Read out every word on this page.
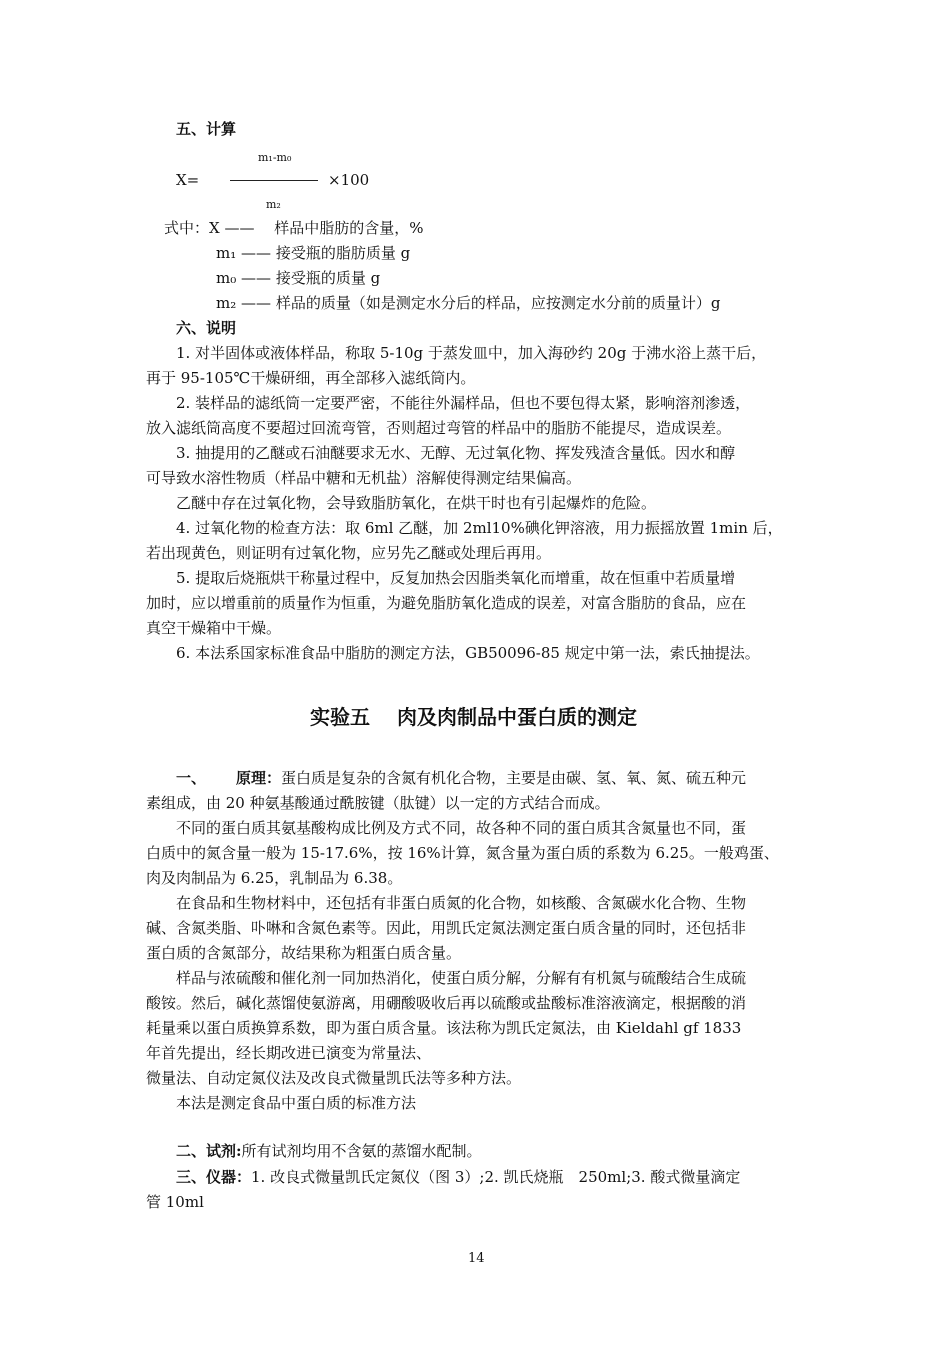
五、计算
m₁-m₀
X=	×100
m₂
式中：X ——　 样品中脂肪的含量，%
m₁ —— 接受瓶的脂肪质量 g
m₀ —— 接受瓶的质量 g
m₂ —— 样品的质量（如是测定水分后的样品，应按测定水分前的质量计）g
六、说明
1. 对半固体或液体样品，称取 5-10g 于蒸发皿中，加入海砂约 20g 于沸水浴上蒸干后，
再于 95-105℃干燥研细，再全部移入滤纸筒内。
2. 装样品的滤纸筒一定要严密，不能往外漏样品，但也不要包得太紧，影响溶剂渗透，
放入滤纸筒高度不要超过回流弯管，否则超过弯管的样品中的脂肪不能提尽，造成误差。
3. 抽提用的乙醚或石油醚要求无水、无醇、无过氧化物、挥发残渣含量低。因水和醇
可导致水溶性物质（样品中糖和无机盐）溶解使得测定结果偏高。
乙醚中存在过氧化物，会导致脂肪氧化，在烘干时也有引起爆炸的危险。
4. 过氧化物的检查方法：取 6ml 乙醚，加 2ml10%碘化钾溶液，用力振摇放置 1min 后，
若出现黄色，则证明有过氧化物，应另先乙醚或处理后再用。
5. 提取后烧瓶烘干称量过程中，反复加热会因脂类氧化而增重，故在恒重中若质量增
加时，应以增重前的质量作为恒重，为避免脂肪氧化造成的误差，对富含脂肪的食品，应在
真空干燥箱中干燥。
6. 本法系国家标准食品中脂肪的测定方法，GB50096-85 规定中第一法，索氏抽提法。
实验五　 肉及肉制品中蛋白质的测定
一、 原理：蛋白质是复杂的含氮有机化合物，主要是由碳、氢、氧、氮、硫五种元
素组成，由 20 种氨基酸通过酰胺键（肽键）以一定的方式结合而成。
不同的蛋白质其氨基酸构成比例及方式不同，故各种不同的蛋白质其含氮量也不同，蛋
白质中的氮含量一般为 15-17.6%，按 16%计算，氮含量为蛋白质的系数为 6.25。一般鸡蛋、
肉及肉制品为 6.25，乳制品为 6.38。
在食品和生物材料中，还包括有非蛋白质氮的化合物，如核酸、含氮碳水化合物、生物
碱、含氮类脂、卟啉和含氮色素等。因此，用凯氏定氮法测定蛋白质含量的同时，还包括非
蛋白质的含氮部分，故结果称为粗蛋白质含量。
样品与浓硫酸和催化剂一同加热消化，使蛋白质分解，分解有有机氮与硫酸结合生成硫
酸铵。然后，碱化蒸馏使氨游离，用硼酸吸收后再以硫酸或盐酸标准溶液滴定，根据酸的消
耗量乘以蛋白质换算系数，即为蛋白质含量。该法称为凯氏定氮法，由 Kieldahl gf 1833
年首先提出，经长期改进已演变为常量法、
微量法、自动定氮仪法及改良式微量凯氏法等多种方法。
本法是测定食品中蛋白质的标准方法
二、试剂:所有试剂均用不含氨的蒸馏水配制。
三、仪器：1. 改良式微量凯氏定氮仪（图 3）;2. 凯氏烧瓶　250ml;3. 酸式微量滴定
管 10ml
14
